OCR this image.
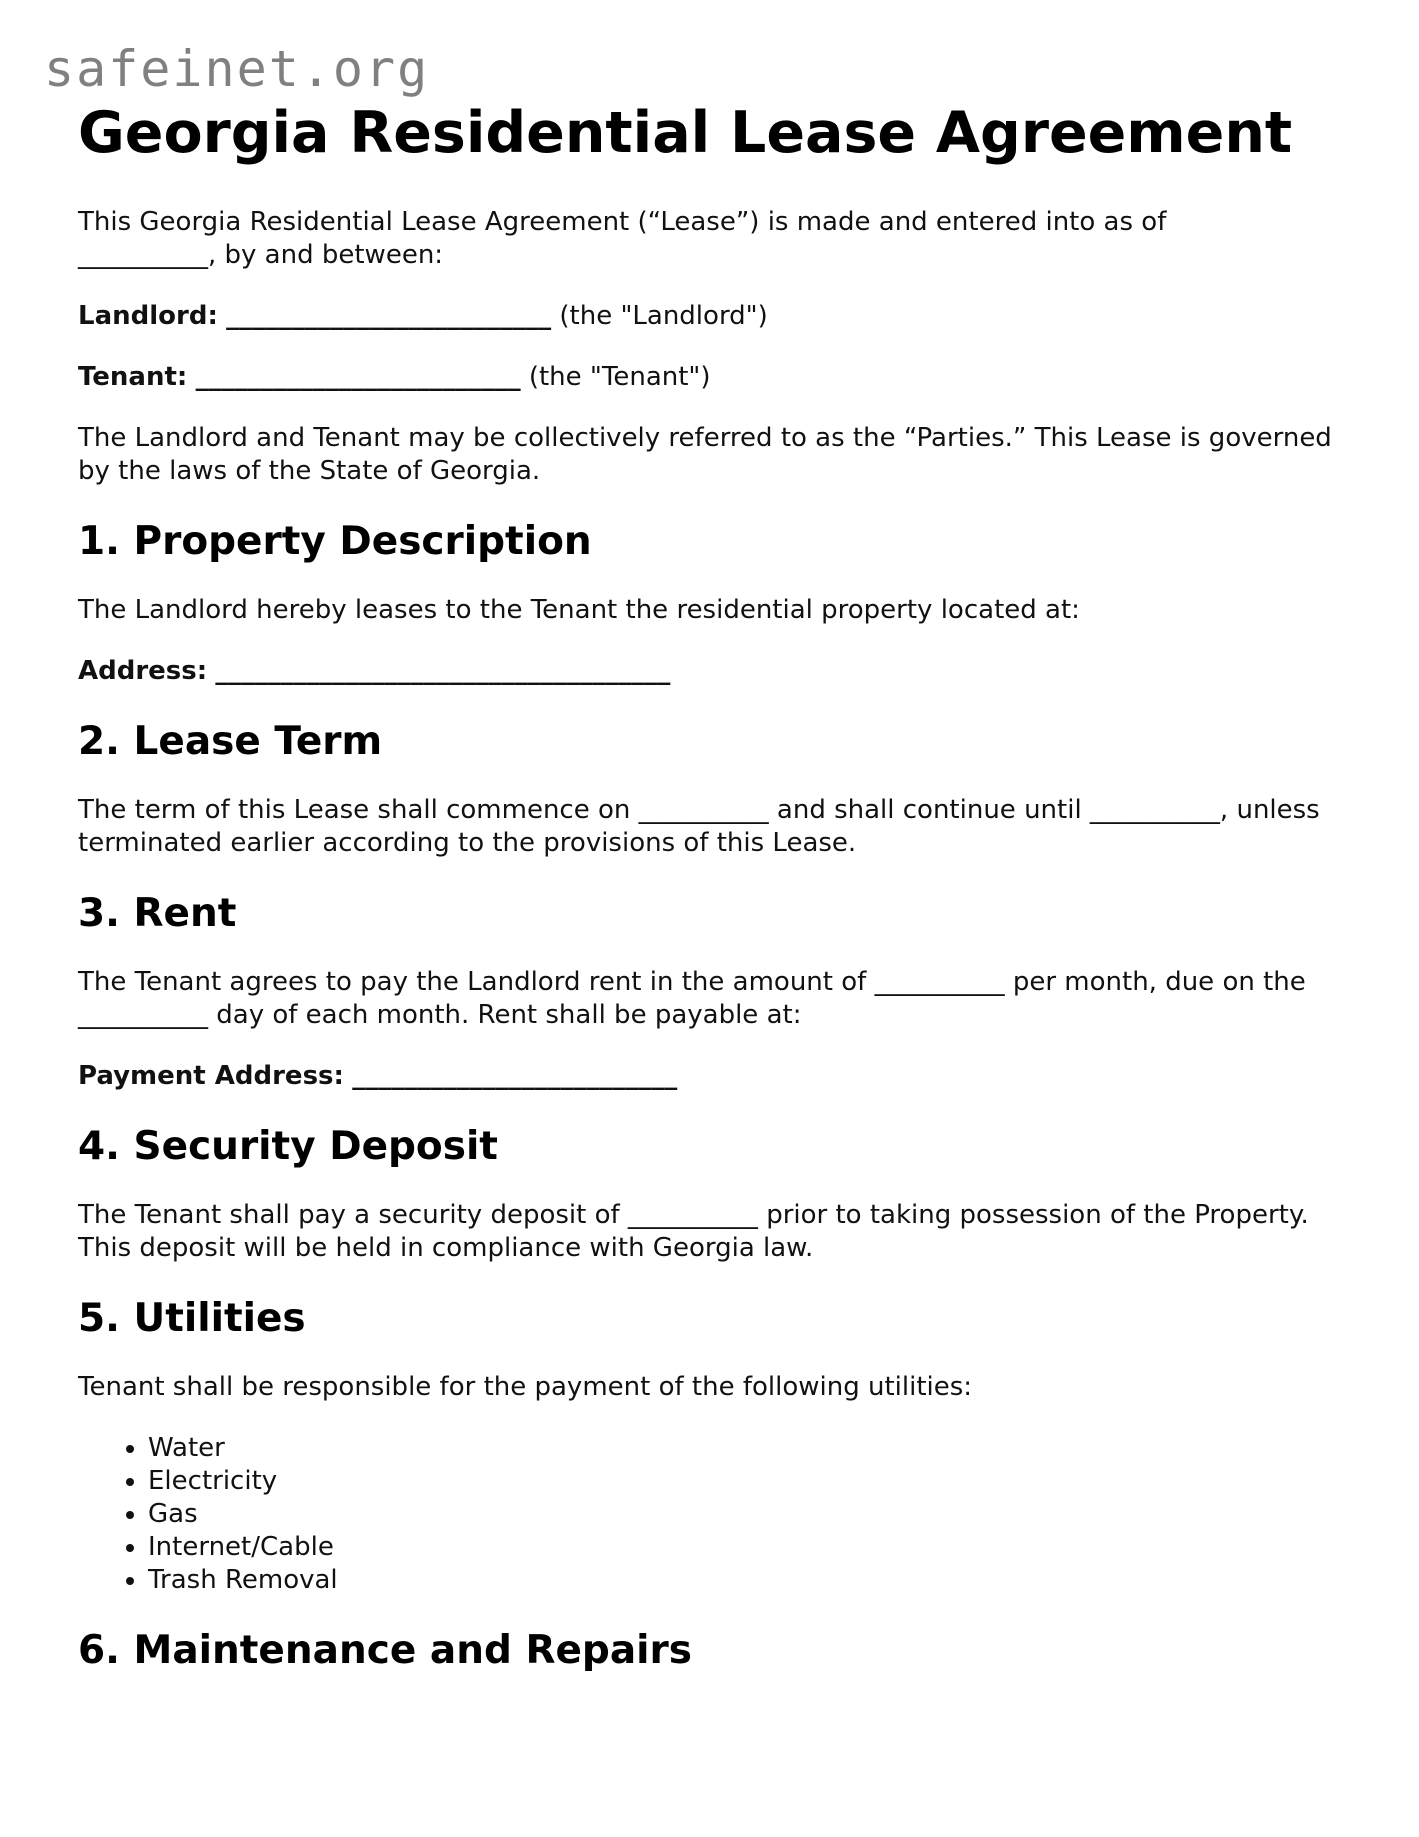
safeinet.org
Georgia Residential Lease Agreement

This Georgia Residential Lease Agreement (“Lease”) is made and entered into as of
__________, by and between:

Landlord: _________________________ (the "Landlord")

Tenant: _________________________ (the "Tenant")

The Landlord and Tenant may be collectively referred to as the “Parties.” This Lease is governed by the laws of the State of Georgia.

1. Property Description

The Landlord hereby leases to the Tenant the residential property located at:

Address: ___________________________________

2. Lease Term

The term of this Lease shall commence on __________ and shall continue until __________, unless terminated earlier according to the provisions of this Lease.

3. Rent

The Tenant agrees to pay the Landlord rent in the amount of __________ per month, due on the __________ day of each month. Rent shall be payable at:

Payment Address: _________________________

4. Security Deposit

The Tenant shall pay a security deposit of __________ prior to taking possession of the Property. This deposit will be held in compliance with Georgia law.

5. Utilities

Tenant shall be responsible for the payment of the following utilities:

• Water
• Electricity
• Gas
• Internet/Cable
• Trash Removal
6. Maintenance and Repairs
